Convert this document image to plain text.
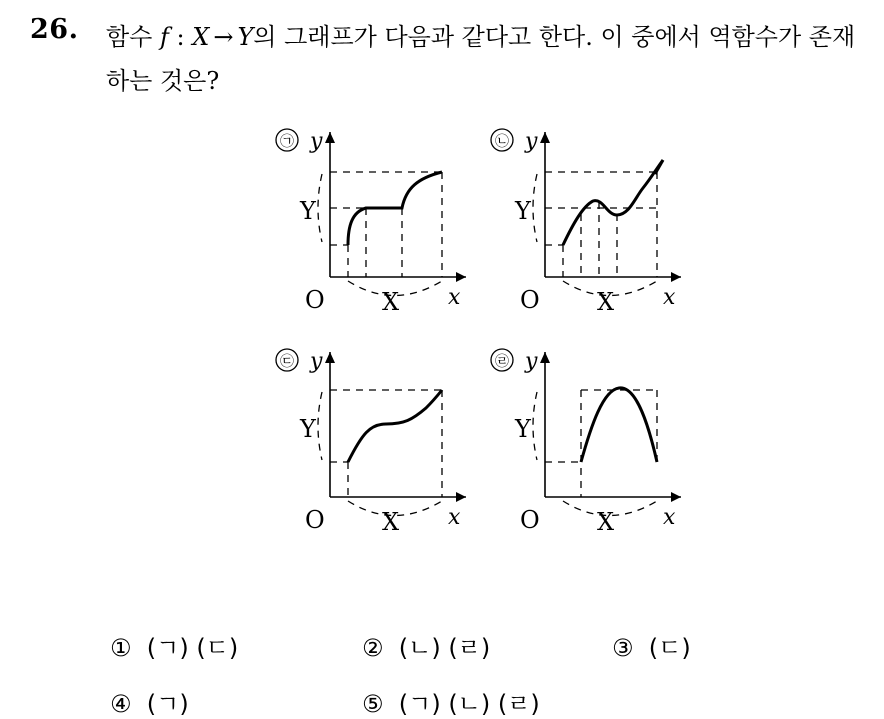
26. 함수 f : X → Y의 그래프가 다음과 같다고 한다. 이 중에서 역함수가 존재하는 것은?
㉠ y
Y
O X x
㉡ y
Y
O X x
㉢ y
Y
O X x
㉣ y
Y
O X x
① (ㄱ) (ㄷ)	② (ㄴ) (ㄹ)	③ (ㄷ)
④ (ㄱ)	⑤ (ㄱ) (ㄴ) (ㄹ)
